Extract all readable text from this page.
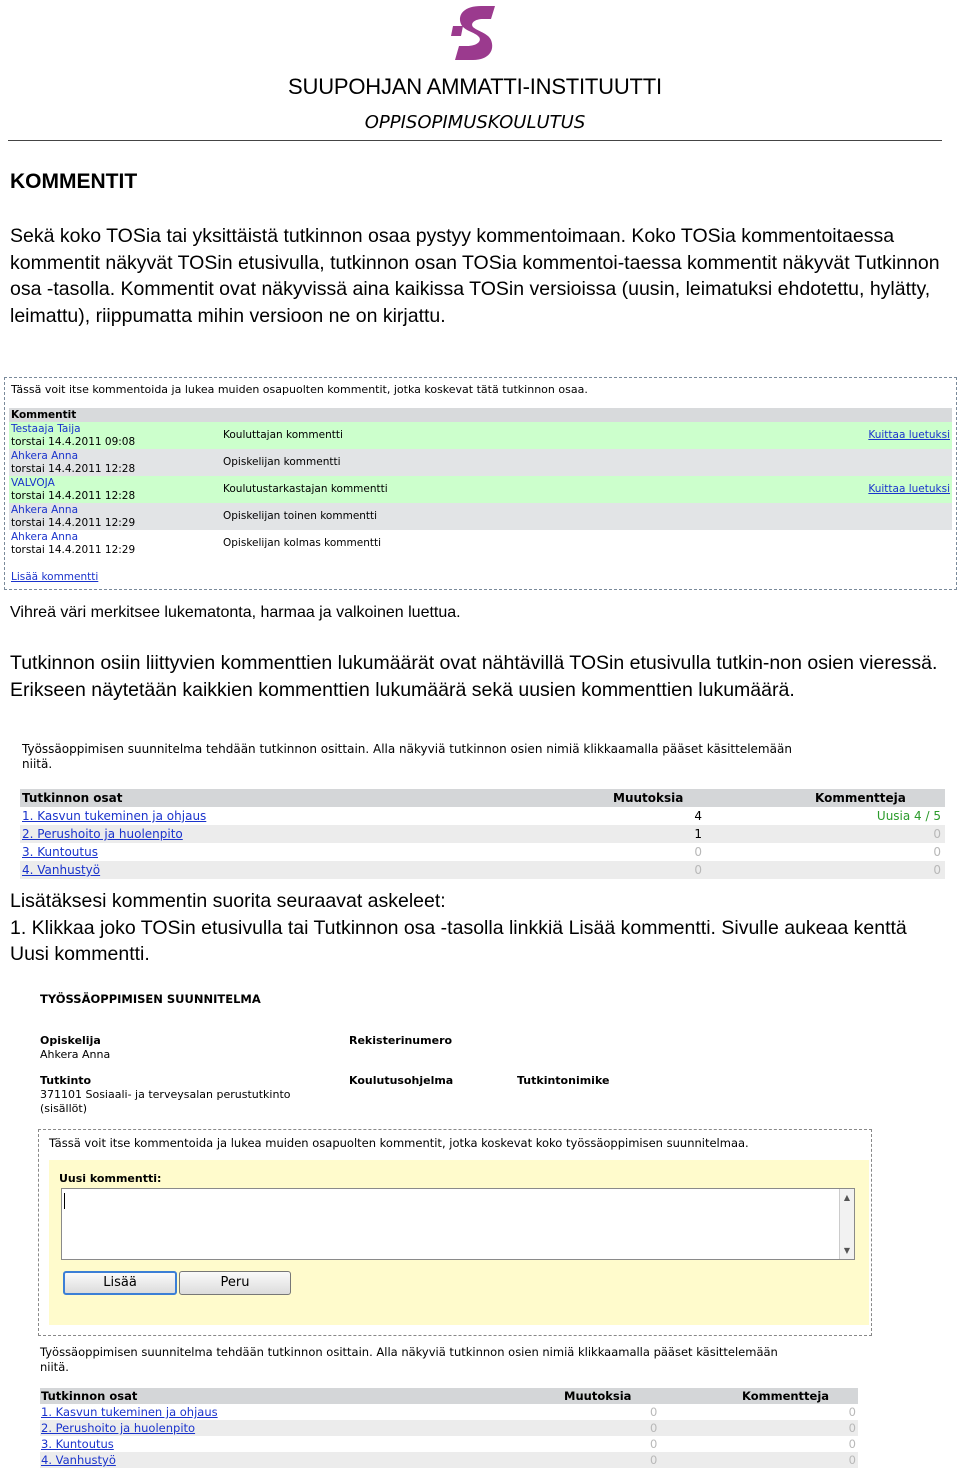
SUUPOHJAN AMMATTI-INSTITUUTTI
OPPISOPIMUSKOULUTUS
KOMMENTIT
Sekä koko TOSia tai yksittäistä tutkinnon osaa pystyy kommentoimaan. Koko TOSia kommentoitaessa kommentit näkyvät TOSin etusivulla, tutkinnon osan TOSia kommentoi-taessa kommentit näkyvät Tutkinnon osa -tasolla. Kommentit ovat näkyvissä aina kaikissa TOSin versioissa (uusin, leimatuksi ehdotettu, hylätty, leimattu), riippumatta mihin versioon ne on kirjattu.
Tässä voit itse kommentoida ja lukea muiden osapuolten kommentit, jotka koskevat tätä tutkinnon osaa.
Kommentit
Testaaja Taija
torstai 14.4.2011 09:08
Kouluttajan kommentti	Kuittaa luetuksi
Ahkera Anna
torstai 14.4.2011 12:28
Opiskelijan kommentti
VALVOJA
torstai 14.4.2011 12:28
Koulutustarkastajan kommentti	Kuittaa luetuksi
Ahkera Anna
torstai 14.4.2011 12:29
Opiskelijan toinen kommentti
Ahkera Anna
torstai 14.4.2011 12:29
Opiskelijan kolmas kommentti
Lisää kommentti
Vihreä väri merkitsee lukematonta, harmaa ja valkoinen luettua.
Tutkinnon osiin liittyvien kommenttien lukumäärät ovat nähtävillä TOSin etusivulla tutkin-non osien vieressä. Erikseen näytetään kaikkien kommenttien lukumäärä sekä uusien kommenttien lukumäärä.
Työssäoppimisen suunnitelma tehdään tutkinnon osittain. Alla näkyviä tutkinnon osien nimiä klikkaamalla pääset käsittelemään niitä.
Tutkinnon osat	Muutoksia	Kommentteja
1. Kasvun tukeminen ja ohjaus	4	Uusia 4 / 5
2. Perushoito ja huolenpito	1	0
3. Kuntoutus	0	0
4. Vanhustyö	0	0
Lisätäksesi kommentin suorita seuraavat askeleet:
1. Klikkaa joko TOSin etusivulla tai Tutkinnon osa -tasolla linkkiä Lisää kommentti. Sivulle aukeaa kenttä Uusi kommentti.
TYÖSSÄOPPIMISEN SUUNNITELMA
Opiskelija
Ahkera Anna
Rekisterinumero
Tutkinto
371101 Sosiaali- ja terveysalan perustutkinto
(sisällöt)
Koulutusohjelma	Tutkintonimike
Tässä voit itse kommentoida ja lukea muiden osapuolten kommentit, jotka koskevat koko työssäoppimisen suunnitelmaa.
Uusi kommentti:
▲
▼
Lisää	Peru
Työssäoppimisen suunnitelma tehdään tutkinnon osittain. Alla näkyviä tutkinnon osien nimiä klikkaamalla pääset käsittelemään niitä.
Tutkinnon osat	Muutoksia	Kommentteja
1. Kasvun tukeminen ja ohjaus	0	0
2. Perushoito ja huolenpito	0	0
3. Kuntoutus	0	0
4. Vanhustyö	0	0
